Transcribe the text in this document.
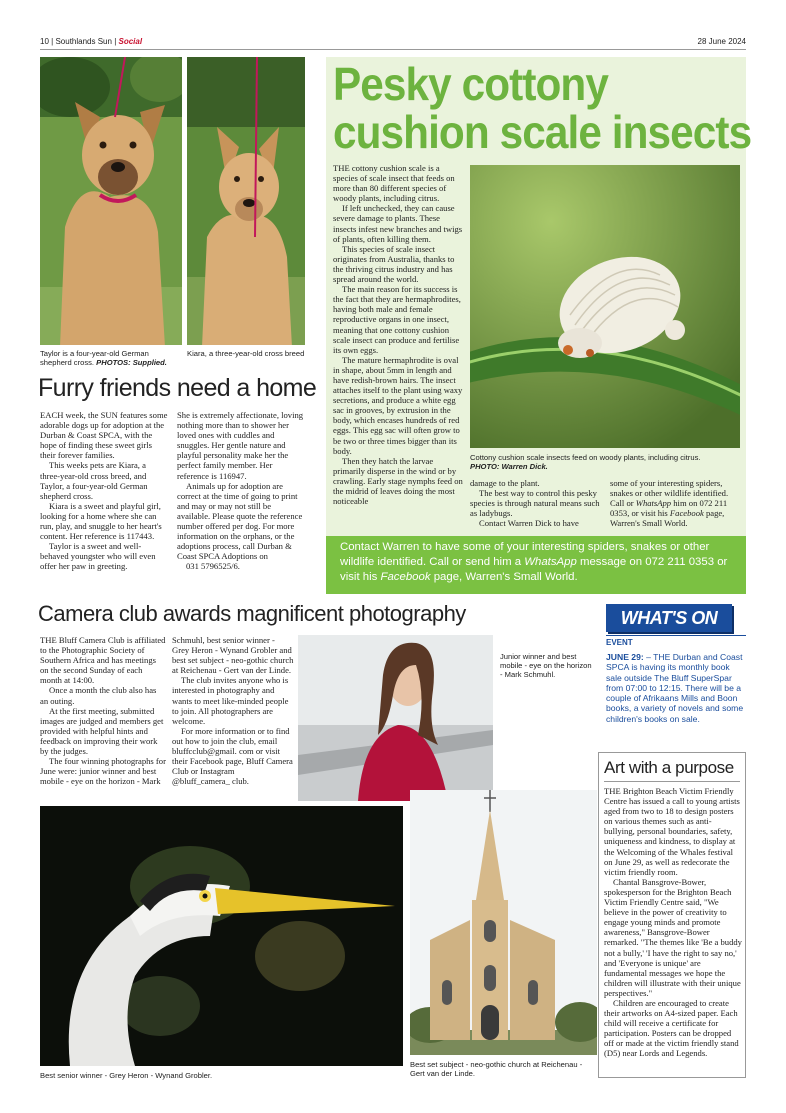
10 | Southlands Sun | Social	28 June 2024
Taylor is a four-year-old German shepherd cross. PHOTOS: Supplied.
Kiara, a three-year-old cross breed
Furry friends need a home

EACH week, the SUN features some adorable dogs up for adoption at the Durban & Coast SPCA, with the hope of finding these sweet girls their forever families.

This weeks pets are Kiara, a three-year-old cross breed, and Taylor, a four-year-old German shepherd cross.

Kiara is a sweet and playful girl, looking for a home where she can run, play, and snuggle to her heart's content. Her reference is 117443.

Taylor is a sweet and well-behaved youngster who will even offer her paw in greeting.

She is extremely affectionate, loving nothing more than to shower her loved ones with cuddles and snuggles. Her gentle nature and playful personality make her the perfect family member. Her reference is 116947.

Animals up for adoption are correct at the time of going to print and may or may not still be available. Please quote the reference number offered per dog. For more information on the orphans, or the adoptions process, call Durban & Coast SPCA Adoptions on

031 5796525/6.

Pesky cottony
cushion scale insects

THE cottony cushion scale is a species of scale insect that feeds on more than 80 different species of woody plants, including citrus.

If left unchecked, they can cause severe damage to plants. These insects infest new branches and twigs of plants, often killing them.

This species of scale insect originates from Australia, thanks to the thriving citrus industry and has spread around the world.

The main reason for its success is the fact that they are hermaphrodites, having both male and female reproductive organs in one insect, meaning that one cottony cushion scale insect can produce and fertilise its own eggs.

The mature hermaphrodite is oval in shape, about 5mm in length and have redish-brown hairs. The insect attaches itself to the plant using waxy secretions, and produce a white egg sac in grooves, by extrusion in the body, which encases hundreds of red eggs. This egg sac will often grow to be two or three times bigger than its body.

Then they hatch the larvae primarily disperse in the wind or by crawling. Early stage nymphs feed on the midrid of leaves doing the most noticeable

Cottony cushion scale insects feed on woody plants, including citrus.
PHOTO: Warren Dick.

damage to the plant.

The best way to control this pesky species is through natural means such as ladybugs.

Contact Warren Dick to have

some of your interesting spiders, snakes or other wildlife identified. Call or WhatsApp him on 072 211 0353, or visit his Facebook page, Warren's Small World.
Contact Warren to have some of your interesting spiders, snakes or other wildlife identified. Call or send him a WhatsApp message on 072 211 0353 or visit his Facebook page, Warren's Small World.
Camera club awards magnificent photography

THE Bluff Camera Club is affiliated to the Photographic Society of Southern Africa and has meetings on the second Sunday of each month at 14:00.

Once a month the club also has an outing.

At the first meeting, submitted images are judged and members get provided with helpful hints and feedback on improving their work by the judges.

The four winning photographs for June were: junior winner and best mobile - eye on the horizon - Mark

Schmuhl, best senior winner - Grey Heron - Wynand Grobler and best set subject - neo-gothic church at Reichenau - Gert van der Linde.

The club invites anyone who is interested in photography and wants to meet like-minded people to join. All photographers are welcome.

For more information or to find out how to join the club, email bluffcclub@gmail. com or visit their Facebook page, Bluff Camera Club or Instagram @bluff_camera_ club.

Junior winner and best mobile - eye on the horizon - Mark Schmuhl.
Best senior winner - Grey Heron - Wynand Grobler.
Best set subject - neo-gothic church at Reichenau - Gert van der Linde.
WHAT'S ON
EVENT
JUNE 29: – THE Durban and Coast SPCA is having its monthly book sale outside The Bluff SuperSpar from 07:00 to 12:15. There will be a couple of Afrikaans Mills and Boon books, a variety of novels and some children's books on sale.
Art with a purpose

THE Brighton Beach Victim Friendly Centre has issued a call to young artists aged from two to 18 to design posters on various themes such as anti-bullying, personal boundaries, safety, uniqueness and kindness, to display at the Welcoming of the Whales festival on June 29, as well as redecorate the victim friendly room.

Chantal Bansgrove-Bower, spokesperson for the Brighton Beach Victim Friendly Centre said, "We believe in the power of creativity to engage young minds and promote awareness," Bansgrove-Bower remarked. "The themes like 'Be a buddy not a bully,' 'I have the right to say no,' and 'Everyone is unique' are fundamental messages we hope the children will illustrate with their unique perspectives."

Children are encouraged to create their artworks on A4-sized paper. Each child will receive a certificate for participation. Posters can be dropped off or made at the victim friendly stand (D5) near Lords and Legends.
